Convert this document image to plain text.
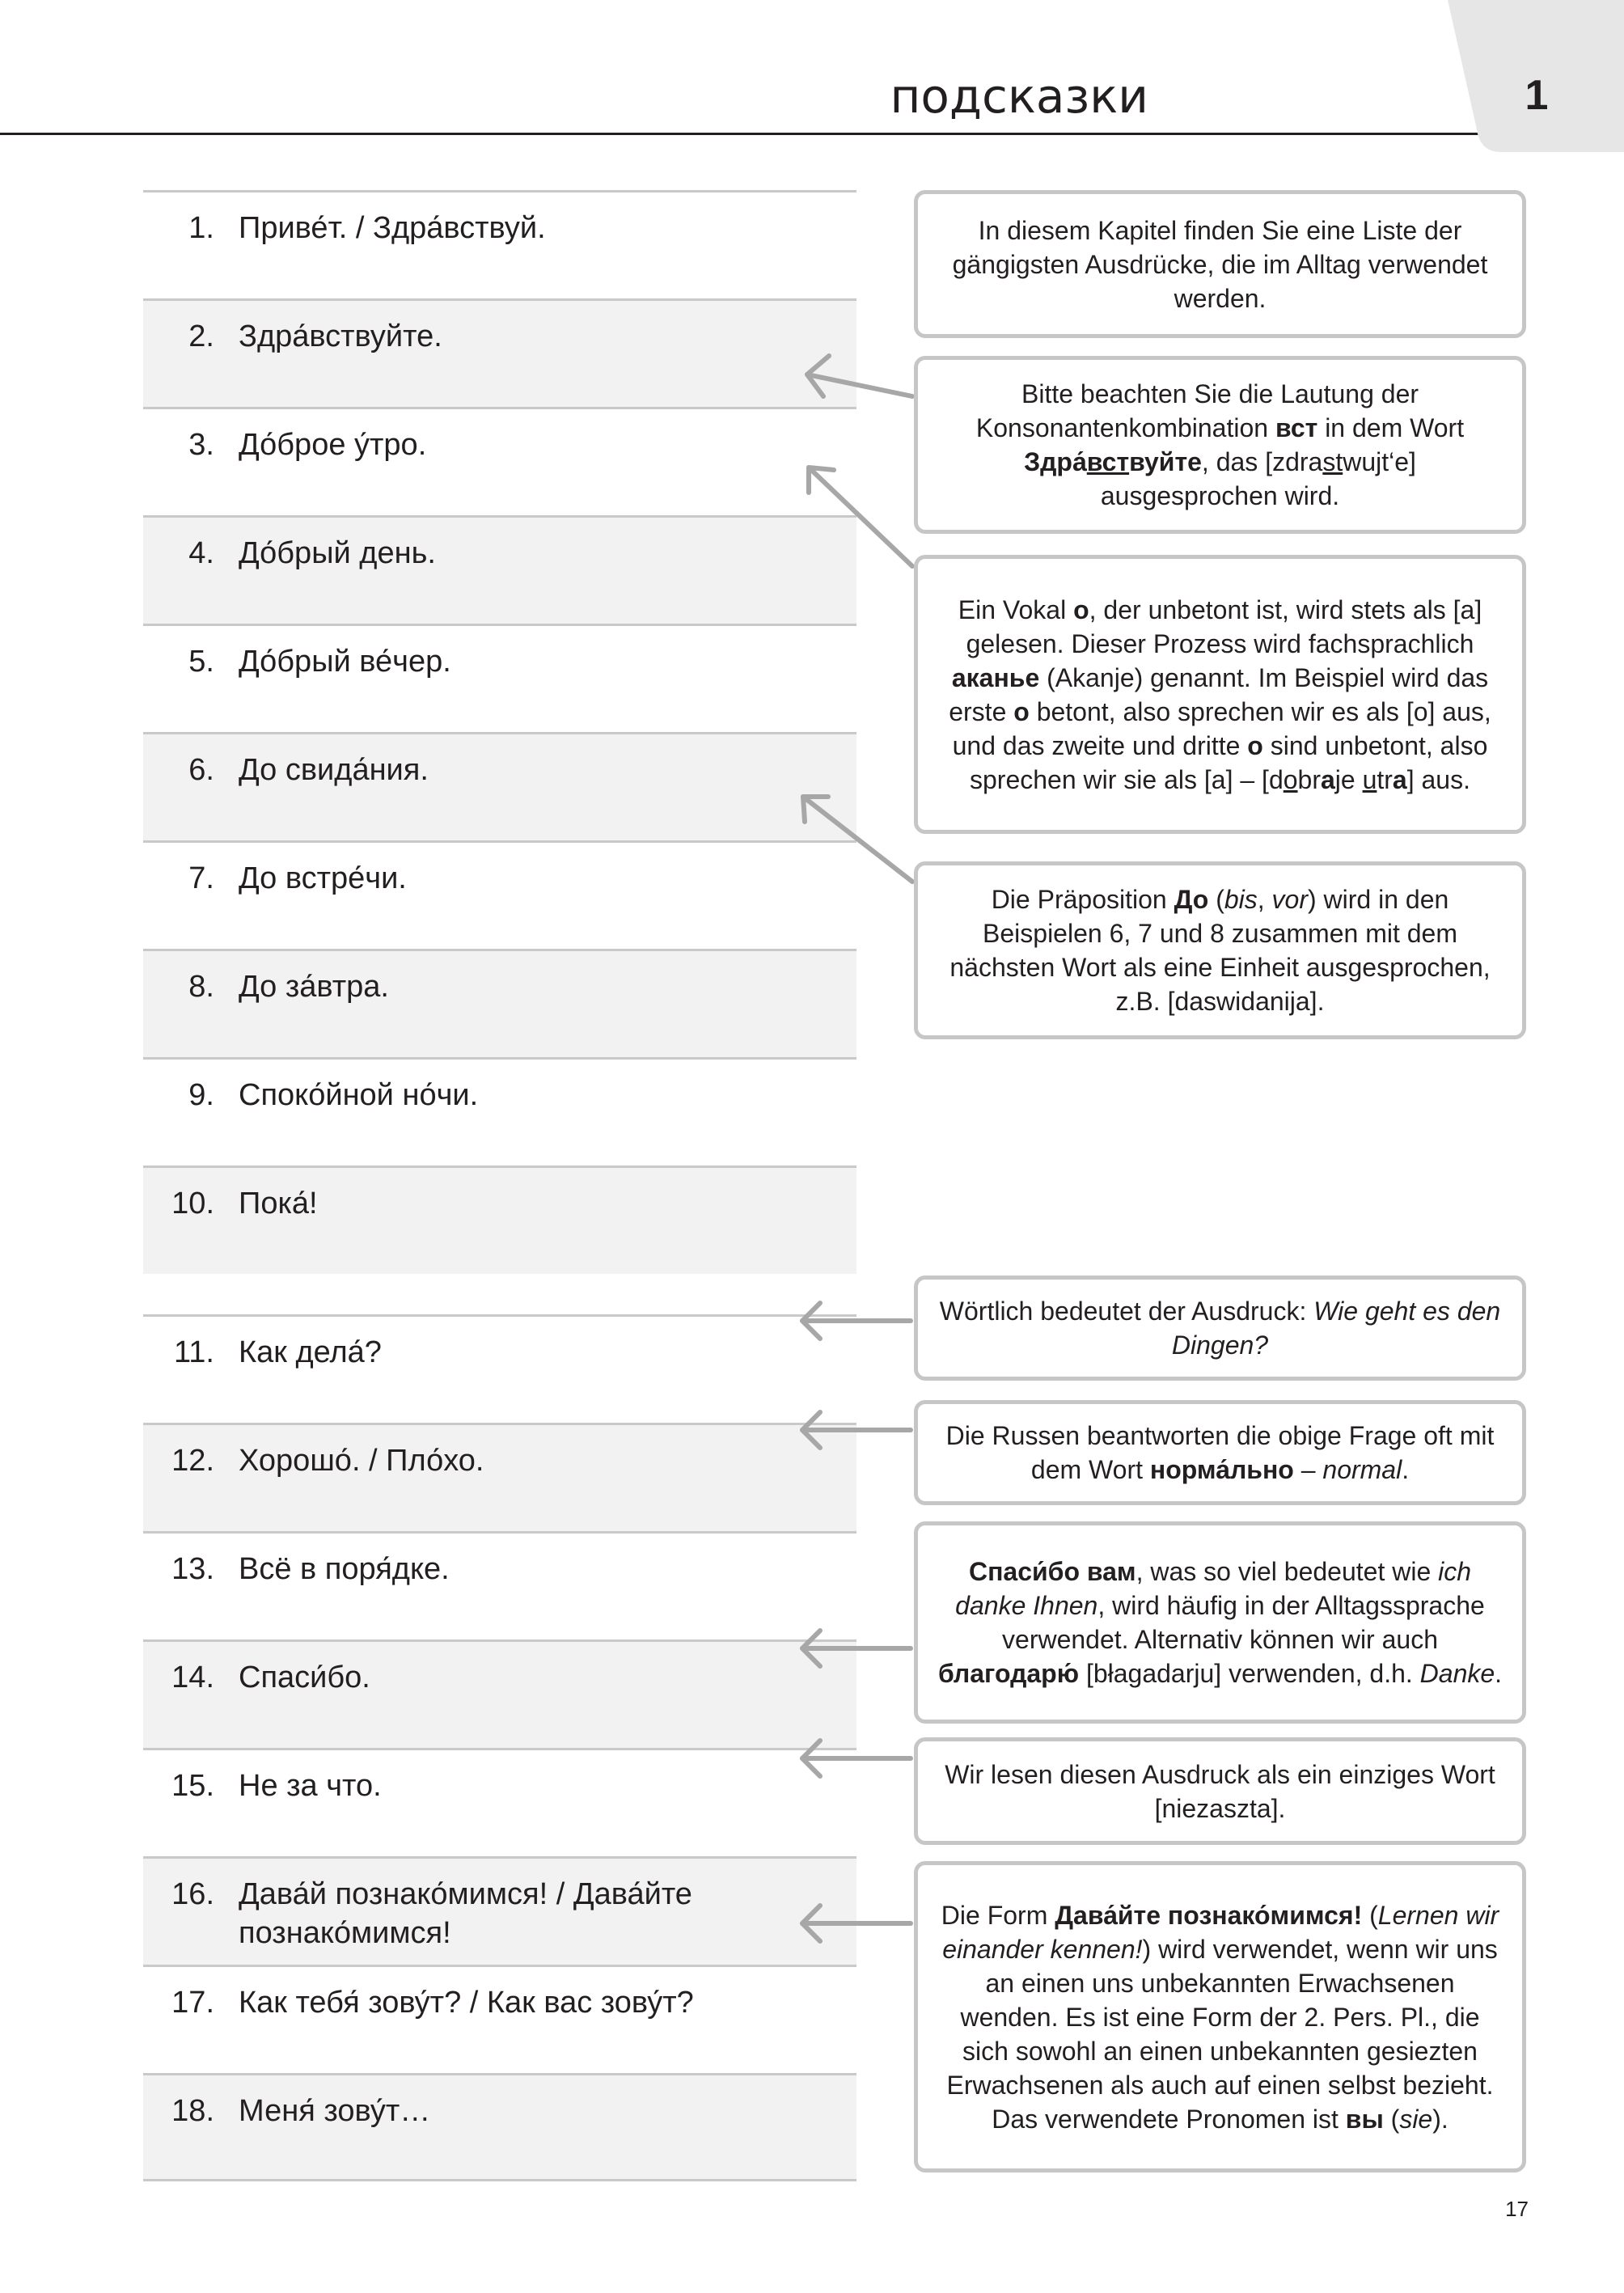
подсказки	1
1. Приве́т. / Здра́вствуй.
2. Здра́вствуйте.
3. До́брое у́тро.
4. До́брый день.
5. До́брый ве́чер.
6. До свида́ния.
7. До встре́чи.
8. До за́втра.
9. Споко́йной но́чи.
10. Пока́!
11. Как дела́?
12. Хорошо́. / Пло́хо.
13. Всё в поря́дке.
14. Спаси́бо.
15. Не за что.
16. Дава́й познако́мимся! / Дава́йте познако́мимся!
17. Как тебя́ зову́т? / Как вас зову́т?
18. Меня́ зову́т…
In diesem Kapitel finden Sie eine Liste der gängigsten Ausdrücke, die im Alltag verwendet werden.
Bitte beachten Sie die Lautung der Konsonantenkombination вст in dem Wort Здра́вствуйте, das [zdrastwujt‘e] ausgesprochen wird.
Ein Vokal o, der unbetont ist, wird stets als [a] gelesen. Dieser Prozess wird fachsprachlich аканье (Akanje) genannt. Im Beispiel wird das erste o betont, also sprechen wir es als [o] aus, und das zweite und dritte o sind unbetont, also sprechen wir sie als [a] – [dobraje utra] aus.
Die Präposition До (bis, vor) wird in den Beispielen 6, 7 und 8 zusammen mit dem nächsten Wort als eine Einheit ausgesprochen, z.B. [daswidanija].
Wörtlich bedeutet der Ausdruck: Wie geht es den Dingen?
Die Russen beantworten die obige Frage oft mit dem Wort норма́льно – normal.
Спаси́бо вам, was so viel bedeutet wie ich danke Ihnen, wird häufig in der Alltagssprache verwendet. Alternativ können wir auch благодарю́ [błagadarju] verwenden, d.h. Danke.
Wir lesen diesen Ausdruck als ein einziges Wort [niezaszta].
Die Form Дава́йте познако́мимся! (Lernen wir einander kennen!) wird verwendet, wenn wir uns an einen uns unbekannten Erwachsenen wenden. Es ist eine Form der 2. Pers. Pl., die sich sowohl an einen unbekannten gesiezten Erwachsenen als auch auf einen selbst bezieht. Das verwendete Pronomen ist вы (sie).
17
